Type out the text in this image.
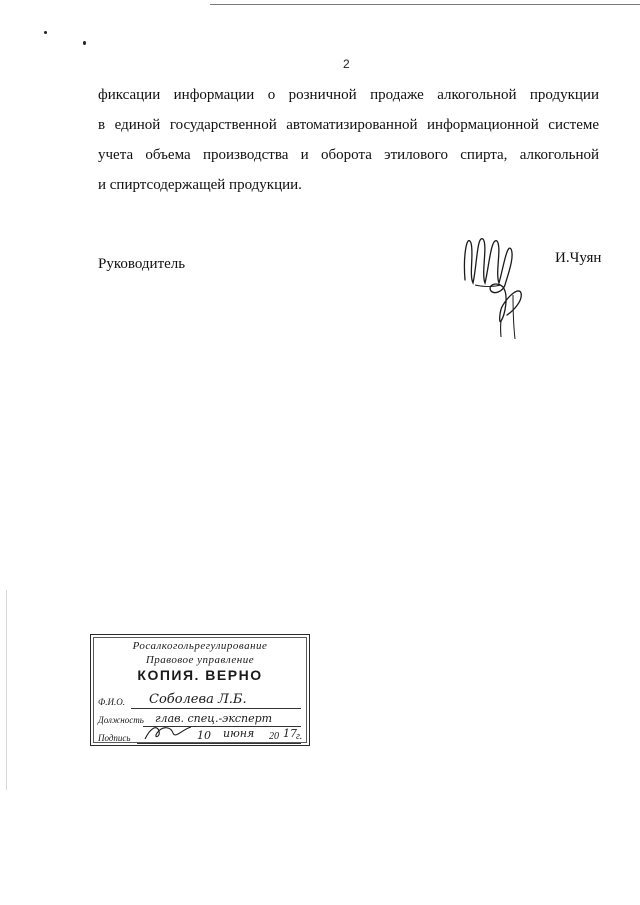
2
фиксации информации о розничной продаже алкогольной продукции
в единой государственной автоматизированной информационной системе
учета объема производства и оборота этилового спирта, алкогольной
и спиртсодержащей продукции.
Руководитель	И.Чуян
Росалкогольрегулирование
Правовое управление
КОПИЯ. ВЕРНО
Ф.И.О. Соболева Л.Б.
Должность глав. спец.-эксперт
Подпись	10 июня 20 17 г.
